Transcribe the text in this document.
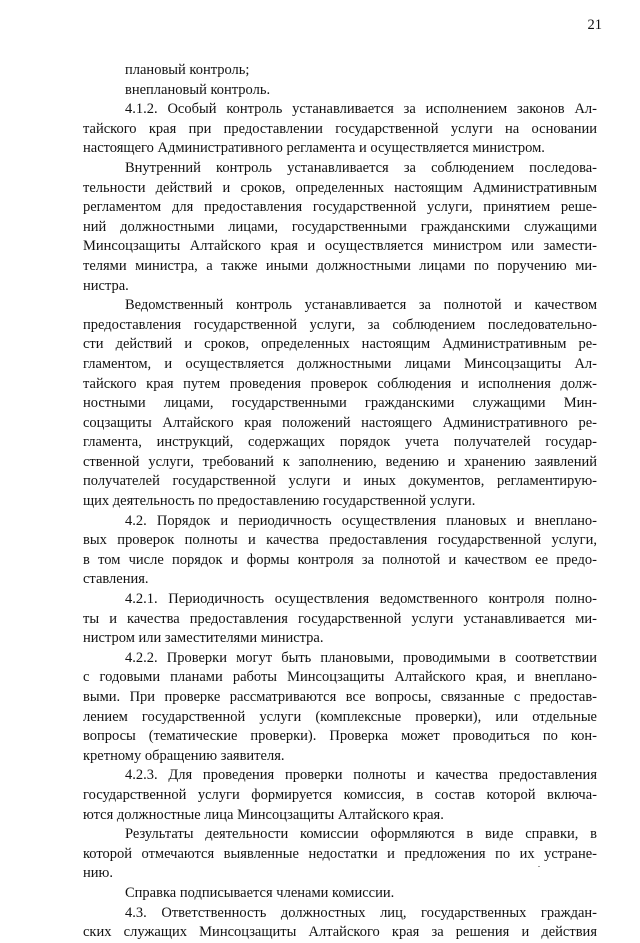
21
плановый контроль;
внеплановый контроль.
4.1.2. Особый контроль устанавливается за исполнением законов Ал-
тайского края при предоставлении государственной услуги на основании
настоящего Административного регламента и осуществляется министром.
Внутренний контроль устанавливается за соблюдением последова-
тельности действий и сроков, определенных настоящим Административным
регламентом для предоставления государственной услуги, принятием реше-
ний должностными лицами, государственными гражданскими служащими
Минсоцзащиты Алтайского края и осуществляется министром или замести-
телями министра, а также иными должностными лицами по поручению ми-
нистра.
Ведомственный контроль устанавливается за полнотой и качеством
предоставления государственной услуги, за соблюдением последовательно-
сти действий и сроков, определенных настоящим Административным ре-
гламентом, и осуществляется должностными лицами Минсоцзащиты Ал-
тайского края путем проведения проверок соблюдения и исполнения долж-
ностными лицами, государственными гражданскими служащими Мин-
соцзащиты Алтайского края положений настоящего Административного ре-
гламента, инструкций, содержащих порядок учета получателей государ-
ственной услуги, требований к заполнению, ведению и хранению заявлений
получателей государственной услуги и иных документов, регламентирую-
щих деятельность по предоставлению государственной услуги.
4.2. Порядок и периодичность осуществления плановых и внеплано-
вых проверок полноты и качества предоставления государственной услуги,
в том числе порядок и формы контроля за полнотой и качеством ее предо-
ставления.
4.2.1. Периодичность осуществления ведомственного контроля полно-
ты и качества предоставления государственной услуги устанавливается ми-
нистром или заместителями министра.
4.2.2. Проверки могут быть плановыми, проводимыми в соответствии
с годовыми планами работы Минсоцзащиты Алтайского края, и внеплано-
выми. При проверке рассматриваются все вопросы, связанные с предостав-
лением государственной услуги (комплексные проверки), или отдельные
вопросы (тематические проверки). Проверка может проводиться по кон-
кретному обращению заявителя.
4.2.3. Для проведения проверки полноты и качества предоставления
государственной услуги формируется комиссия, в состав которой включа-
ются должностные лица Минсоцзащиты Алтайского края.
Результаты деятельности комиссии оформляются в виде справки, в
которой отмечаются выявленные недостатки и предложения по их устране-
нию.
Справка подписывается членами комиссии.
4.3. Ответственность должностных лиц, государственных граждан-
ских служащих Минсоцзащиты Алтайского края за решения и действия
